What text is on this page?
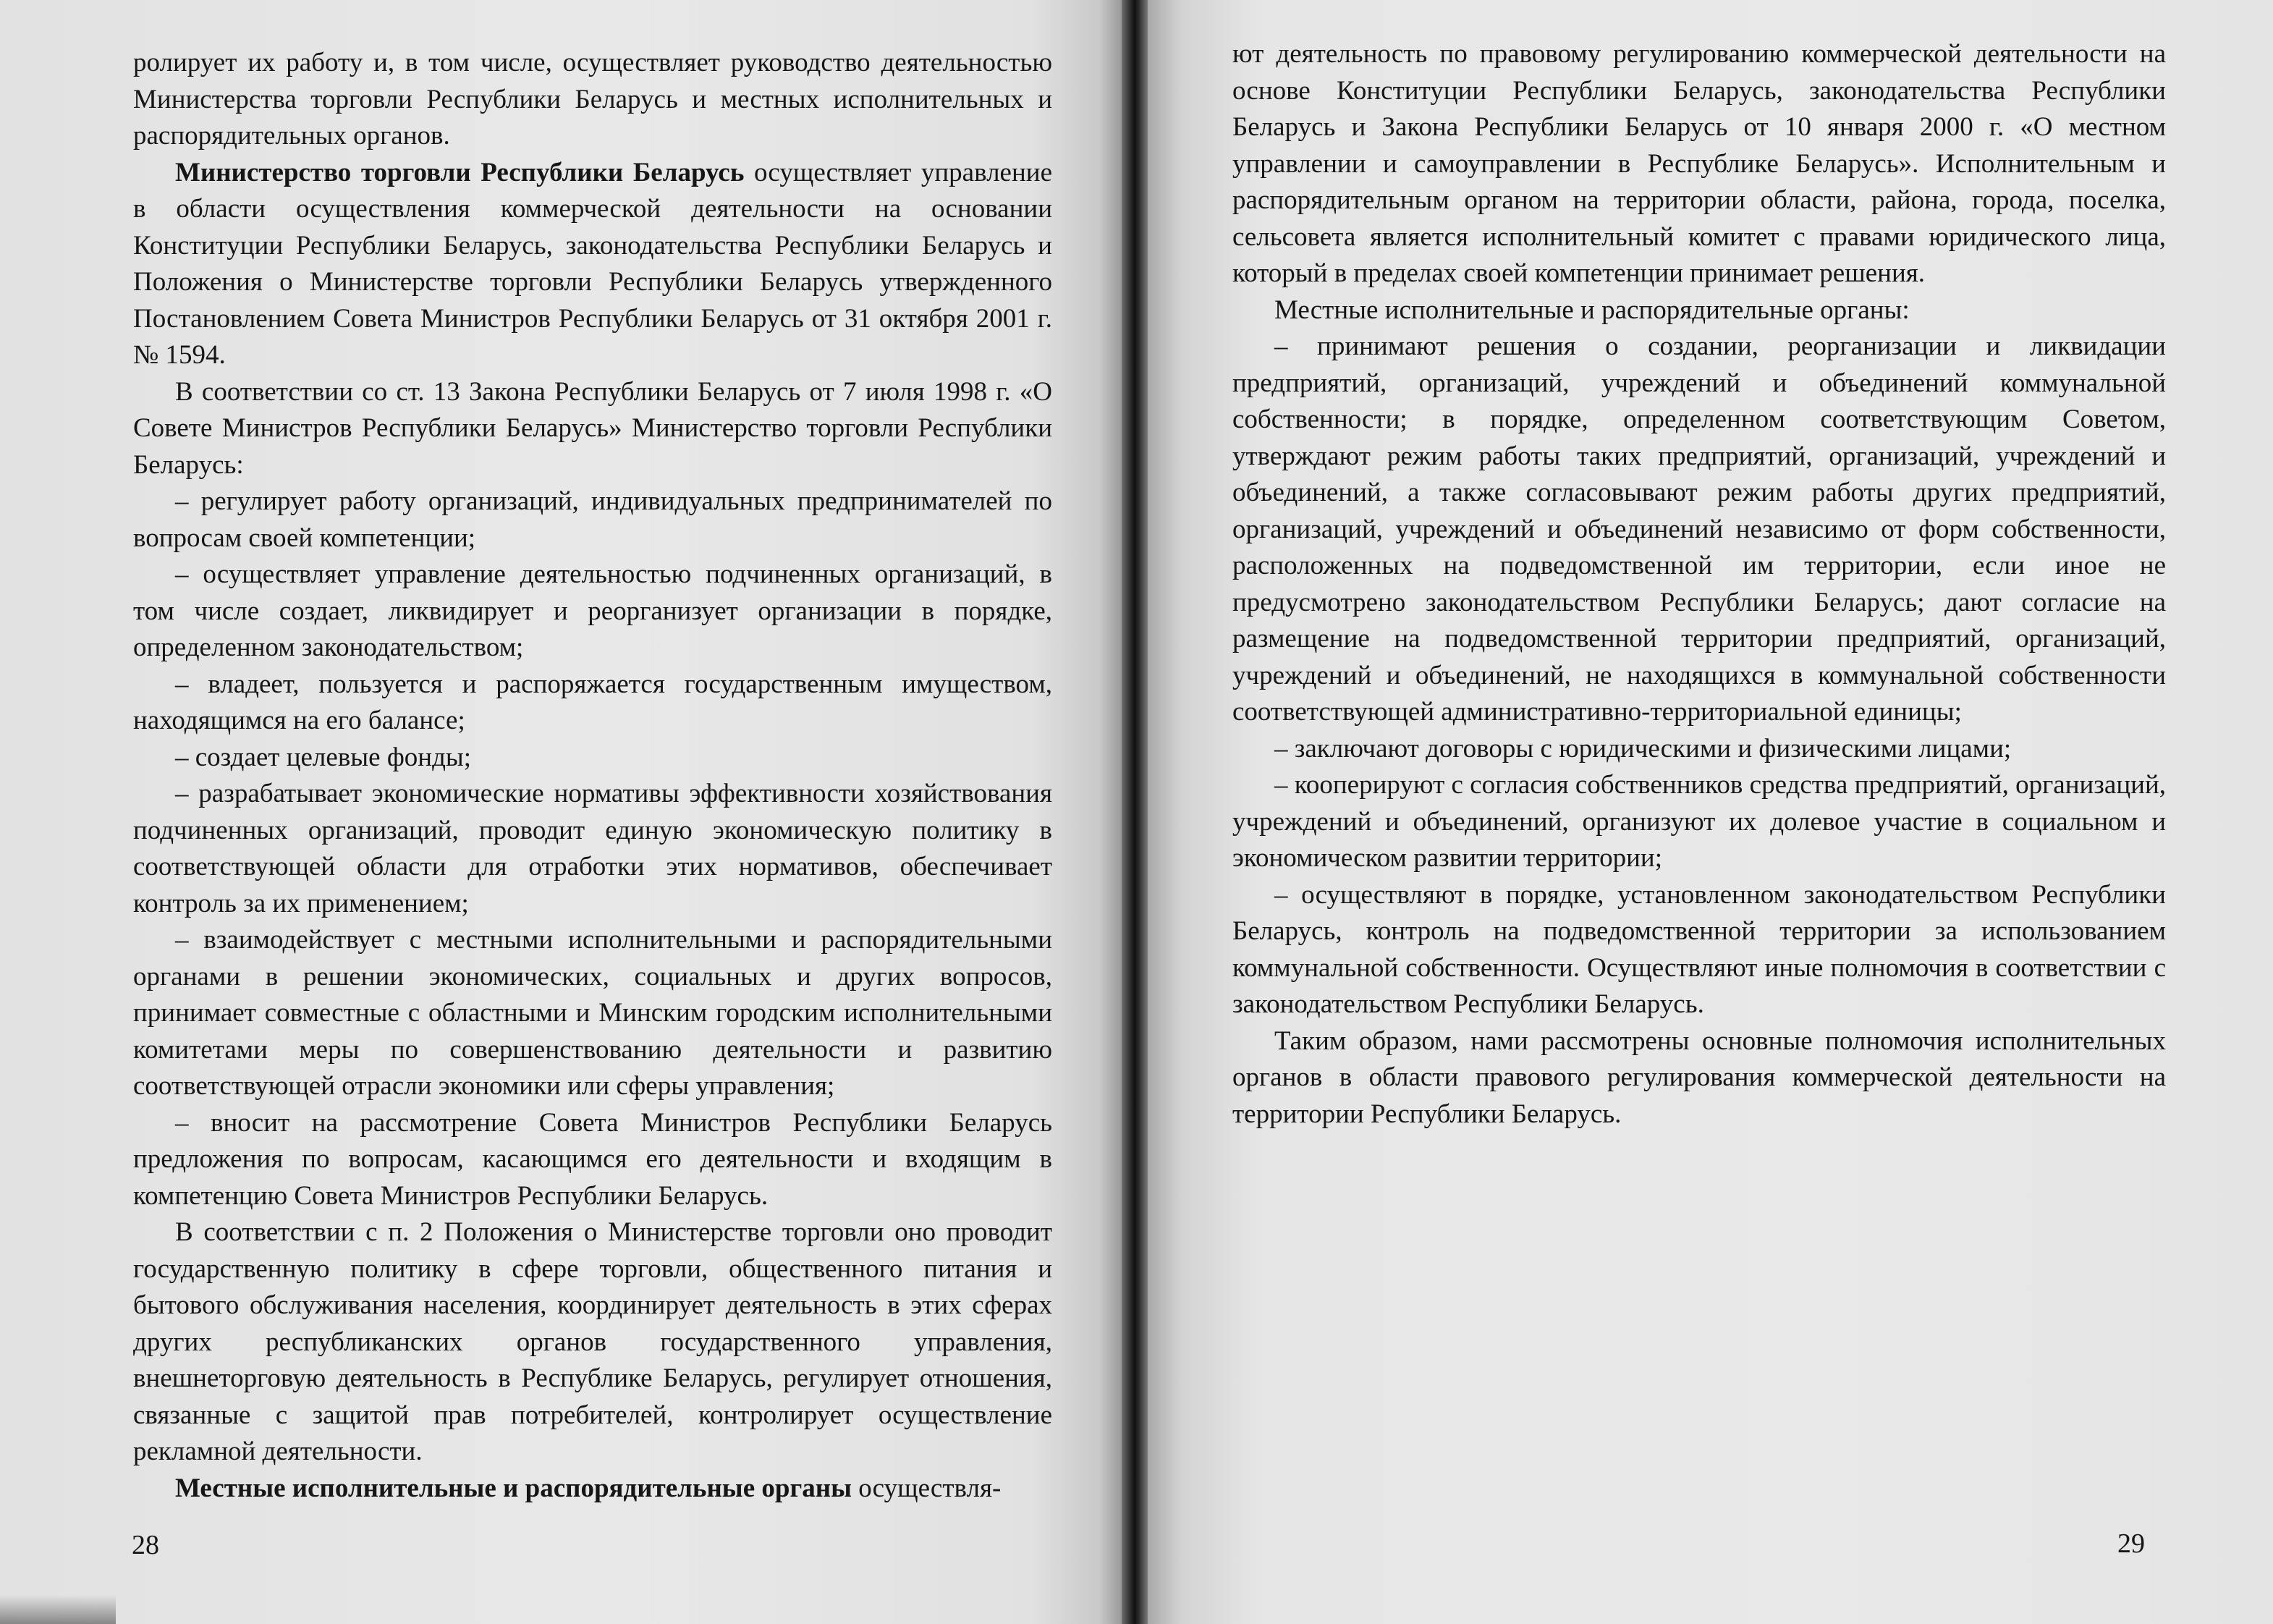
ролирует их работу и, в том числе, осуществляет руководство деятельностью Министерства торговли Республики Беларусь и местных исполнительных и распорядительных органов.

Министерство торговли Республики Беларусь осуществляет управление в области осуществления коммерческой деятельности на основании Конституции Республики Беларусь, законодательства Республики Беларусь и Положения о Министерстве торговли Республики Беларусь утвержденного Постановлением Совета Министров Республики Беларусь от 31 октября 2001 г. № 1594.

В соответствии со ст. 13 Закона Республики Беларусь от 7 июля 1998 г. «О Совете Министров Республики Беларусь» Министерство торговли Республики Беларусь:

– регулирует работу организаций, индивидуальных предпринимателей по вопросам своей компетенции;

– осуществляет управление деятельностью подчиненных организаций, в том числе создает, ликвидирует и реорганизует организации в порядке, определенном законодательством;

– владеет, пользуется и распоряжается государственным имуществом, находящимся на его балансе;

– создает целевые фонды;

– разрабатывает экономические нормативы эффективности хозяйствования подчиненных организаций, проводит единую экономическую политику в соответствующей области для отработки этих нормативов, обеспечивает контроль за их применением;

– взаимодействует с местными исполнительными и распорядительными органами в решении экономических, социальных и других вопросов, принимает совместные с областными и Минским городским исполнительными комитетами меры по совершенствованию деятельности и развитию соответствующей отрасли экономики или сферы управления;

– вносит на рассмотрение Совета Министров Республики Беларусь предложения по вопросам, касающимся его деятельности и входящим в компетенцию Совета Министров Республики Беларусь.

В соответствии с п. 2 Положения о Министерстве торговли оно проводит государственную политику в сфере торговли, общественного питания и бытового обслуживания населения, координирует деятельность в этих сферах других республиканских органов государственного управления, внешнеторговую деятельность в Республике Беларусь, регулирует отношения, связанные с защитой прав потребителей, контролирует осуществление рекламной деятельности.

Местные исполнительные и распорядительные органы осуществля-

28

ют деятельность по правовому регулированию коммерческой деятельности на основе Конституции Республики Беларусь, законодательства Республики Беларусь и Закона Республики Беларусь от 10 января 2000 г. «О местном управлении и самоуправлении в Республике Беларусь». Исполнительным и распорядительным органом на территории области, района, города, поселка, сельсовета является исполнительный комитет с правами юридического лица, который в пределах своей компетенции принимает решения.

Местные исполнительные и распорядительные органы:

– принимают решения о создании, реорганизации и ликвидации предприятий, организаций, учреждений и объединений коммунальной собственности; в порядке, определенном соответствующим Советом, утверждают режим работы таких предприятий, организаций, учреждений и объединений, а также согласовывают режим работы других предприятий, организаций, учреждений и объединений независимо от форм собственности, расположенных на подведомственной им территории, если иное не предусмотрено законодательством Республики Беларусь; дают согласие на размещение на подведомственной территории предприятий, организаций, учреждений и объединений, не находящихся в коммунальной собственности соответствующей административно-территориальной единицы;

– заключают договоры с юридическими и физическими лицами;

– кооперируют с согласия собственников средства предприятий, организаций, учреждений и объединений, организуют их долевое участие в социальном и экономическом развитии территории;

– осуществляют в порядке, установленном законодательством Республики Беларусь, контроль на подведомственной территории за использованием коммунальной собственности. Осуществляют иные полномочия в соответствии с законодательством Республики Беларусь.

Таким образом, нами рассмотрены основные полномочия исполнительных органов в области правового регулирования коммерческой деятельности на территории Республики Беларусь.

29
